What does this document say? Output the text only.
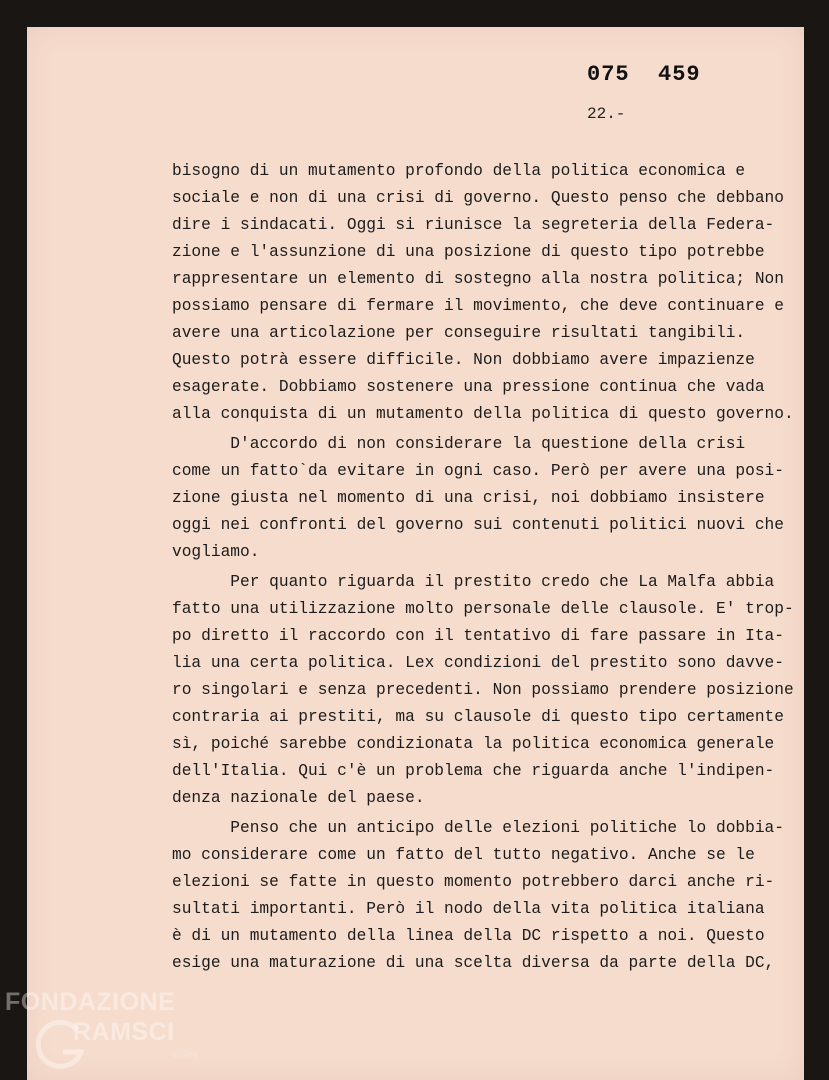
075  459
22.-
bisogno di un mutamento profondo della politica economica e
sociale e non di una crisi di governo. Questo penso che debbano
dire i sindacati. Oggi si riunisce la segreteria della Federa-
zione e l'assunzione di una posizione di questo tipo potrebbe
rappresentare un elemento di sostegno alla nostra politica; Non
possiamo pensare di fermare il movimento, che deve continuare e
avere una articolazione per conseguire risultati tangibili.
Questo potrà essere difficile. Non dobbiamo avere impazienze
esagerate. Dobbiamo sostenere una pressione continua che vada
alla conquista di un mutamento della politica di questo governo.
D'accordo di non considerare la questione della crisi
come un fatto`da evitare in ogni caso. Però per avere una posi-
zione giusta nel momento di una crisi, noi dobbiamo insistere
oggi nei confronti del governo sui contenuti politici nuovi che
vogliamo.
Per quanto riguarda il prestito credo che La Malfa abbia
fatto una utilizzazione molto personale delle clausole. E' trop-
po diretto il raccordo con il tentativo di fare passare in Ita-
lia una certa politica. Lex condizioni del prestito sono davve-
ro singolari e senza precedenti. Non possiamo prendere posizione
contraria ai prestiti, ma su clausole di questo tipo certamente
sì, poiché sarebbe condizionata la politica economica generale
dell'Italia. Qui c'è un problema che riguarda anche l'indipen-
denza nazionale del paese.
Penso che un anticipo delle elezioni politiche lo dobbia-
mo considerare come un fatto del tutto negativo. Anche se le
elezioni se fatte in questo momento potrebbero darci anche ri-
sultati importanti. Però il nodo della vita politica italiana
è di un mutamento della linea della DC rispetto a noi. Questo
esige una maturazione di una scelta diversa da parte della DC,
FONDAZIONE
RAMSCI
Gilles
